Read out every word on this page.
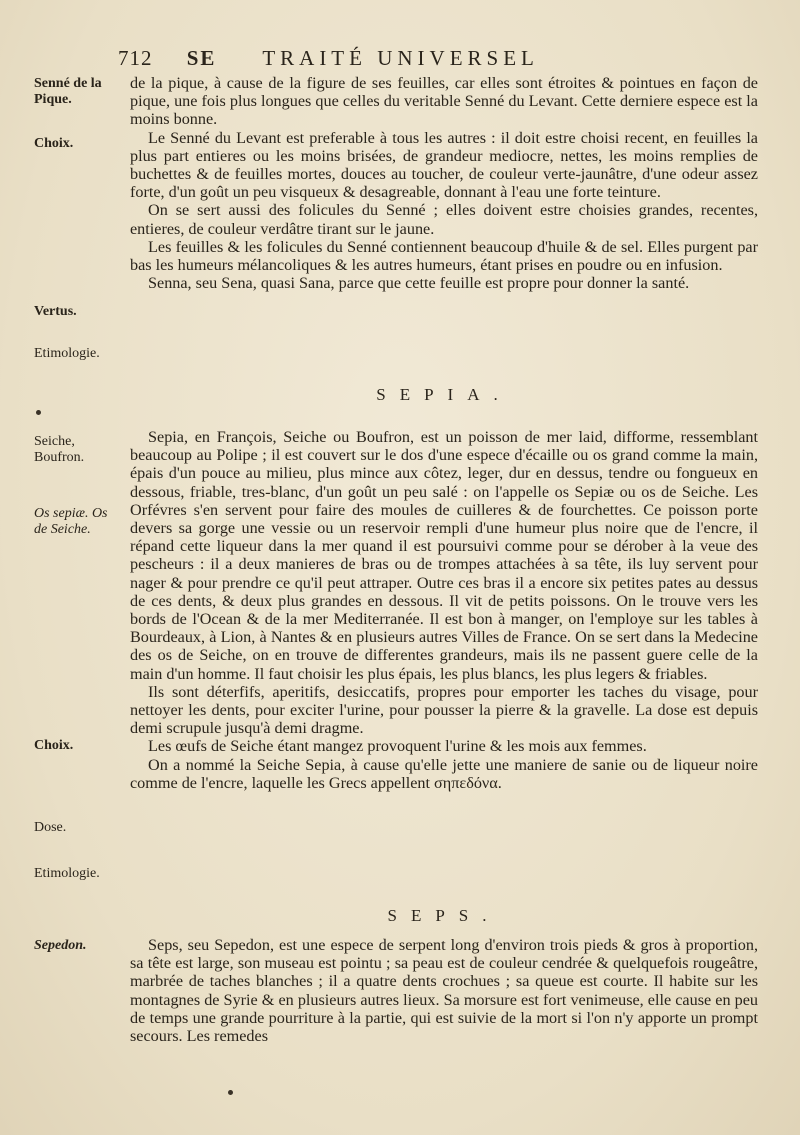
712 SE TRAITÉ UNIVERSEL
Senné de la Pique.
Choix.
Vertus.
Etimologie.
Seiche, Boufron.
Os sepiæ. Os de Seiche.
Choix.
Dose.
Etimologie.
Sepedon.

de la pique, à cause de la figure de ses feuilles, car elles sont étroites & pointues en façon de pique, une fois plus longues que celles du veritable Senné du Levant. Cette derniere espece est la moins bonne.

Le Senné du Levant est preferable à tous les autres : il doit estre choisi recent, en feuilles la plus part entieres ou les moins brisées, de grandeur mediocre, nettes, les moins remplies de buchettes & de feuilles mortes, douces au toucher, de couleur verte-jaunâtre, d'une odeur assez forte, d'un goût un peu visqueux & desagreable, donnant à l'eau une forte teinture.

On se sert aussi des folicules du Senné ; elles doivent estre choisies grandes, recentes, entieres, de couleur verdâtre tirant sur le jaune.

Les feuilles & les folicules du Senné contiennent beaucoup d'huile & de sel. Elles purgent par bas les humeurs mélancoliques & les autres humeurs, étant prises en poudre ou en infusion.

Senna, seu Sena, quasi Sana, parce que cette feuille est propre pour donner la santé.

SEPIA.

Sepia, en François, Seiche ou Boufron, est un poisson de mer laid, difforme, ressemblant beaucoup au Polipe ; il est couvert sur le dos d'une espece d'écaille ou os grand comme la main, épais d'un pouce au milieu, plus mince aux côtez, leger, dur en dessus, tendre ou fongueux en dessous, friable, tres-blanc, d'un goût un peu salé : on l'appelle os Sepiæ ou os de Seiche. Les Orfévres s'en servent pour faire des moules de cuilleres & de fourchettes. Ce poisson porte devers sa gorge une vessie ou un reservoir rempli d'une humeur plus noire que de l'encre, il répand cette liqueur dans la mer quand il est poursuivi comme pour se dérober à la veue des pescheurs : il a deux manieres de bras ou de trompes attachées à sa tête, ils luy servent pour nager & pour prendre ce qu'il peut attraper. Outre ces bras il a encore six petites pates au dessus de ces dents, & deux plus grandes en dessous. Il vit de petits poissons. On le trouve vers les bords de l'Ocean & de la mer Mediterranée. Il est bon à manger, on l'employe sur les tables à Bourdeaux, à Lion, à Nantes & en plusieurs autres Villes de France. On se sert dans la Medecine des os de Seiche, on en trouve de differentes grandeurs, mais ils ne passent guere celle de la main d'un homme. Il faut choisir les plus épais, les plus blancs, les plus legers & friables.

Ils sont déterfifs, aperitifs, desiccatifs, propres pour emporter les taches du visage, pour nettoyer les dents, pour exciter l'urine, pour pousser la pierre & la gravelle. La dose est depuis demi scrupule jusqu'à demi dragme.

Les œufs de Seiche étant mangez provoquent l'urine & les mois aux femmes.

On a nommé la Seiche Sepia, à cause qu'elle jette une maniere de sanie ou de liqueur noire comme de l'encre, laquelle les Grecs appellent σηπεδόνα.

SEPS.

Seps, seu Sepedon, est une espece de serpent long d'environ trois pieds & gros à proportion, sa tête est large, son museau est pointu ; sa peau est de couleur cendrée & quelquefois rougeâtre, marbrée de taches blanches ; il a quatre dents crochues ; sa queue est courte. Il habite sur les montagnes de Syrie & en plusieurs autres lieux. Sa morsure est fort venimeuse, elle cause en peu de temps une grande pourriture à la partie, qui est suivie de la mort si l'on n'y apporte un prompt secours. Les remedes
